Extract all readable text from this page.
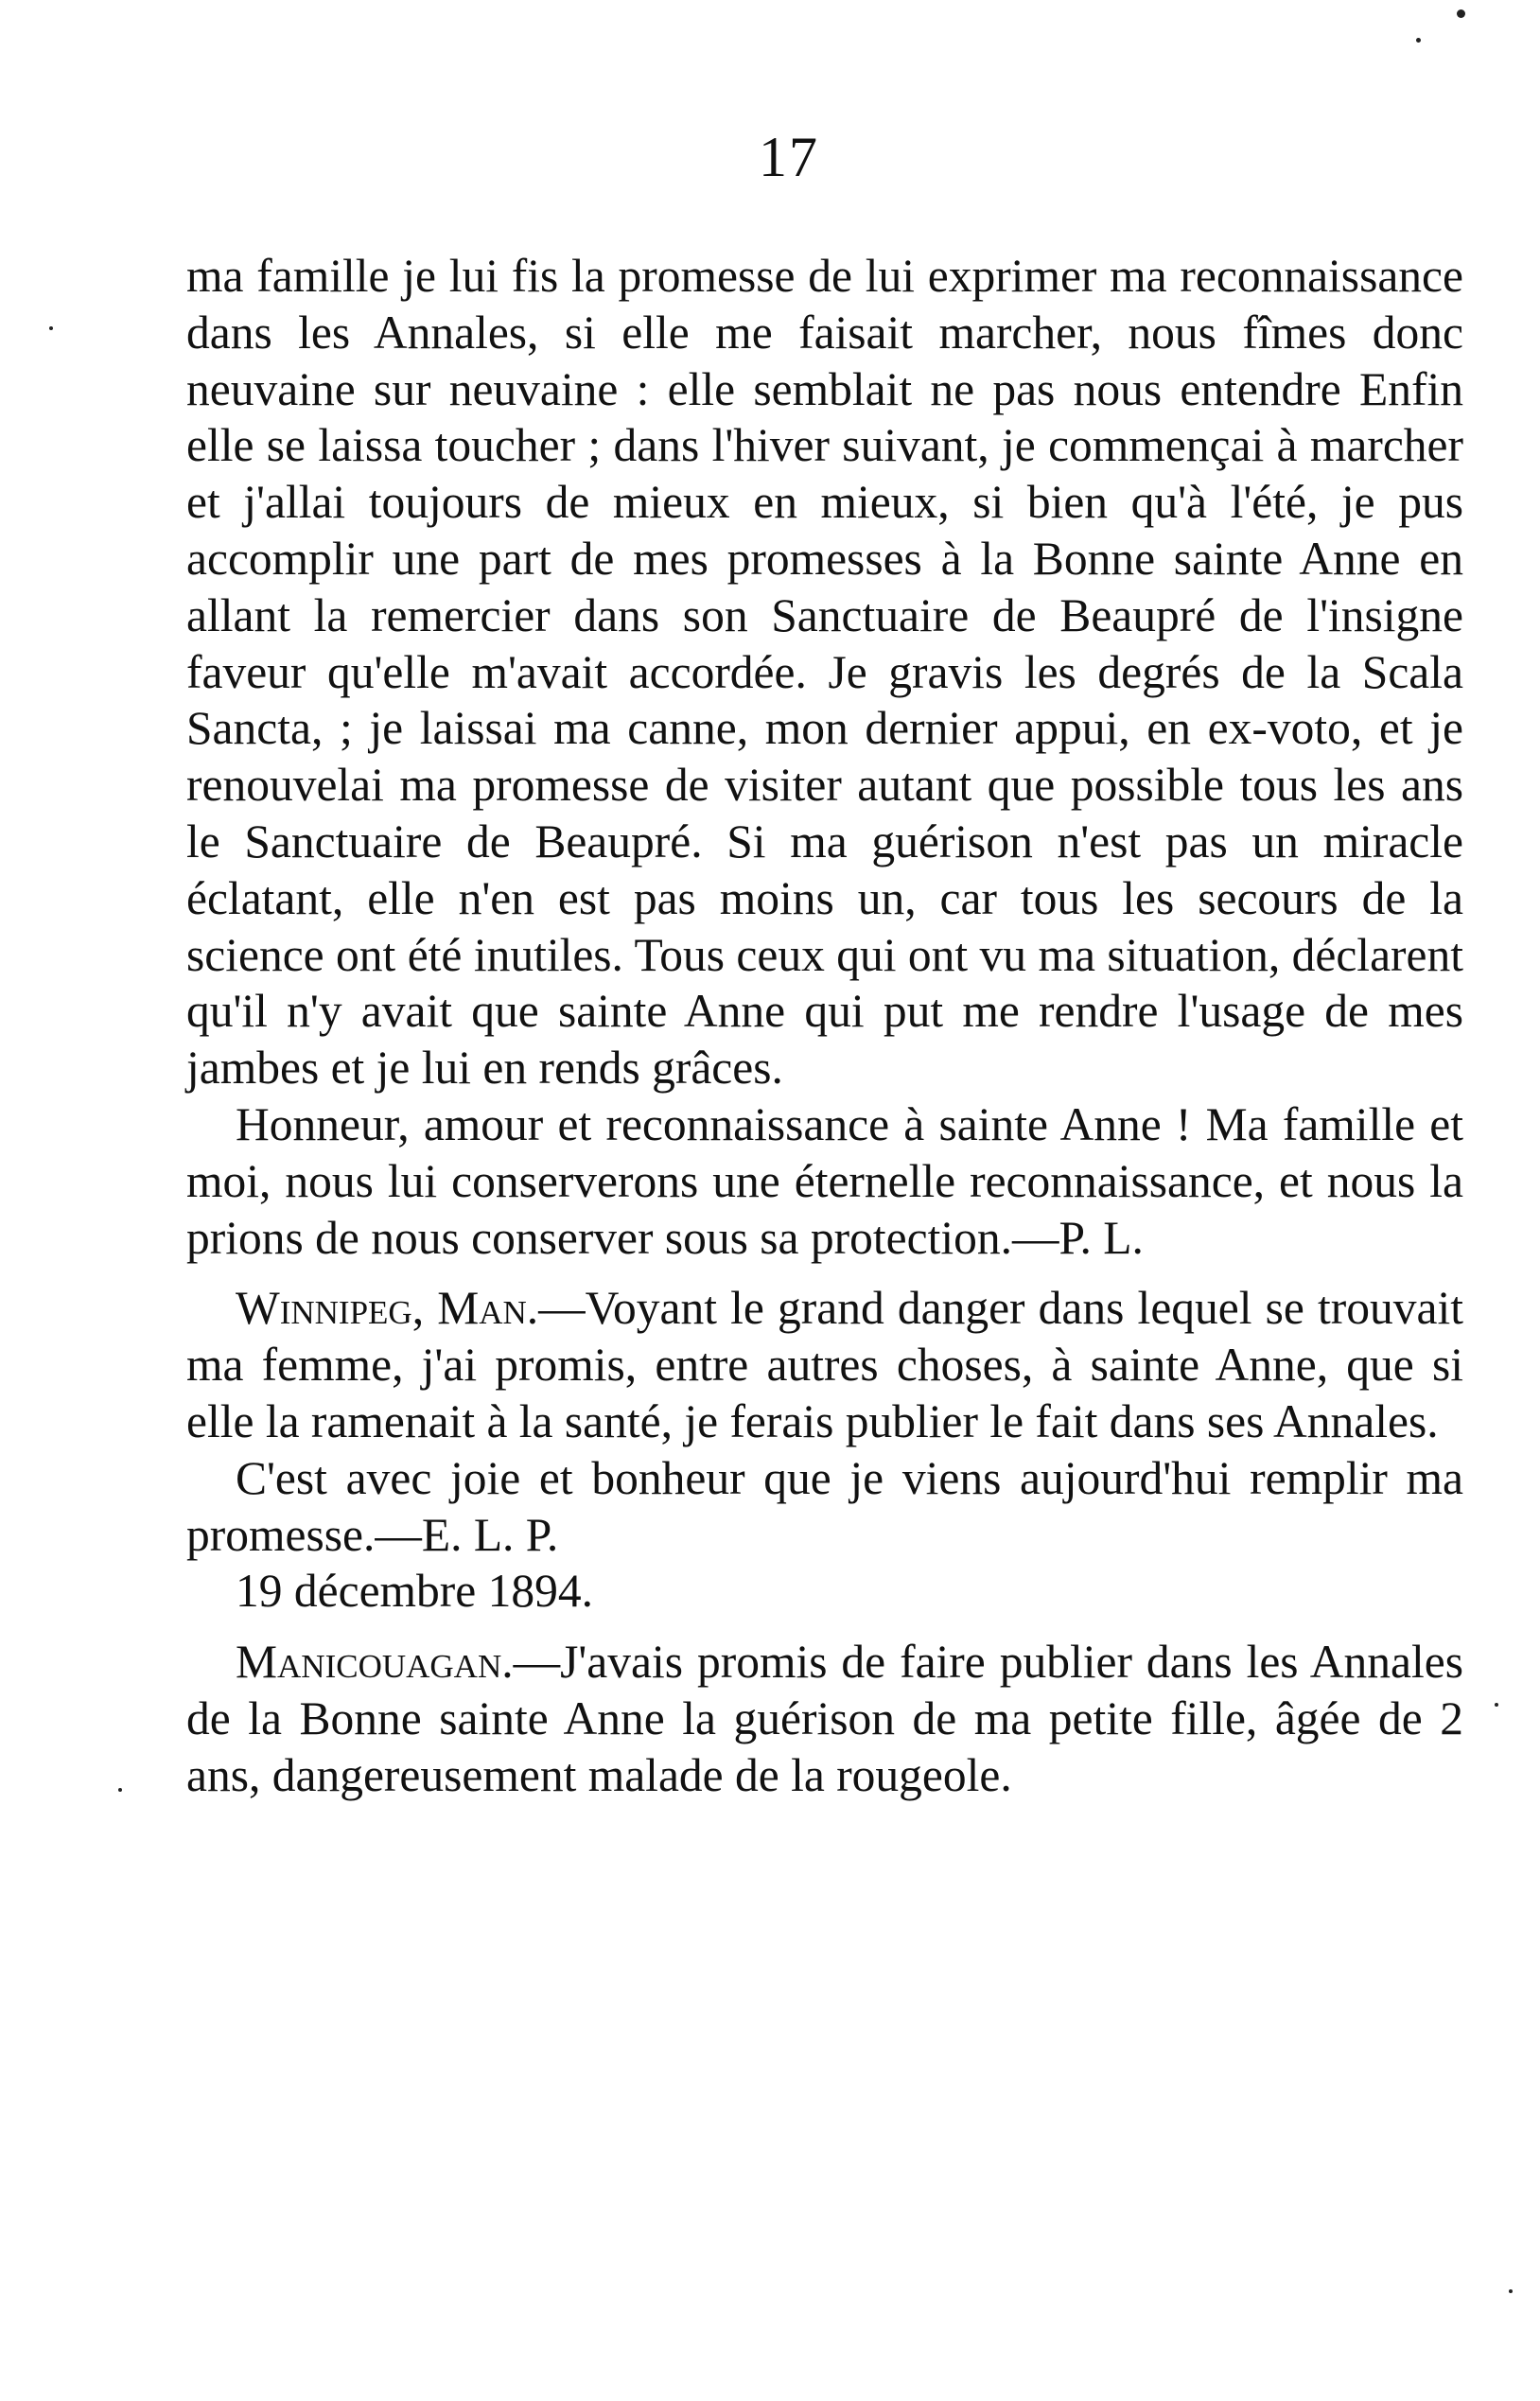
17

ma famille je lui fis la promesse de lui exprimer ma reconnaissance dans les Annales, si elle me faisait marcher, nous fîmes donc neuvaine sur neuvaine : elle semblait ne pas nous entendre Enfin elle se laissa toucher ; dans l'hiver suivant, je commençai à marcher et j'allai toujours de mieux en mieux, si bien qu'à l'été, je pus accomplir une part de mes promesses à la Bonne sainte Anne en allant la remercier dans son Sanctuaire de Beaupré de l'insigne faveur qu'elle m'avait accordée. Je gravis les degrés de la Scala Sancta, ; je laissai ma canne, mon dernier appui, en ex-voto, et je renouvelai ma promesse de visiter autant que possible tous les ans le Sanctuaire de Beaupré. Si ma guérison n'est pas un miracle éclatant, elle n'en est pas moins un, car tous les secours de la science ont été inutiles. Tous ceux qui ont vu ma situation, déclarent qu'il n'y avait que sainte Anne qui put me rendre l'usage de mes jambes et je lui en rends grâces.

Honneur, amour et reconnaissance à sainte Anne ! Ma famille et moi, nous lui conserverons une éternelle reconnaissance, et nous la prions de nous conserver sous sa protection.—P. L.

Winnipeg, Man.—Voyant le grand danger dans lequel se trouvait ma femme, j'ai promis, entre autres choses, à sainte Anne, que si elle la ramenait à la santé, je ferais publier le fait dans ses Annales.

C'est avec joie et bonheur que je viens aujourd'hui remplir ma promesse.—E. L. P.

19 décembre 1894.

Manicouagan.—J'avais promis de faire publier dans les Annales de la Bonne sainte Anne la guérison de ma petite fille, âgée de 2 ans, dangereusement malade de la rougeole.
